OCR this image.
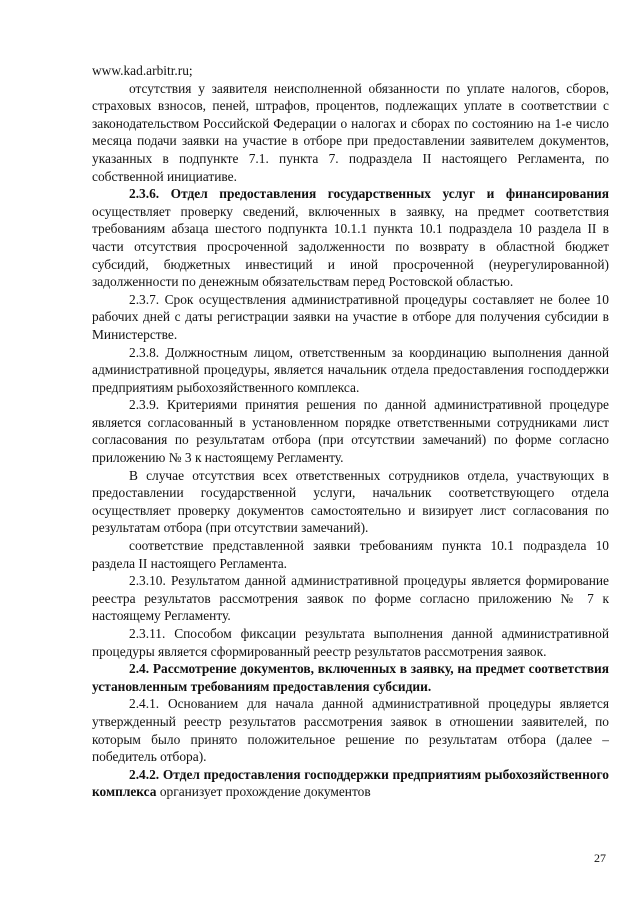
www.kad.arbitr.ru;

отсутствия у заявителя неисполненной обязанности по уплате налогов, сборов, страховых взносов, пеней, штрафов, процентов, подлежащих уплате в соответствии с законодательством Российской Федерации о налогах и сборах по состоянию на 1-е число месяца подачи заявки на участие в отборе при предоставлении заявителем документов, указанных в подпункте 7.1. пункта 7. подраздела II настоящего Регламента, по собственной инициативе.

2.3.6. Отдел предоставления государственных услуг и финансирования осуществляет проверку сведений, включенных в заявку, на предмет соответствия требованиям абзаца шестого подпункта 10.1.1 пункта 10.1 подраздела 10 раздела II в части отсутствия просроченной задолженности по возврату в областной бюджет субсидий, бюджетных инвестиций и иной просроченной (неурегулированной) задолженности по денежным обязательствам перед Ростовской областью.

2.3.7. Срок осуществления административной процедуры составляет не более 10 рабочих дней с даты регистрации заявки на участие в отборе для получения субсидии в Министерстве.

2.3.8. Должностным лицом, ответственным за координацию выполнения данной административной процедуры, является начальник отдела предоставления господдержки предприятиям рыбохозяйственного комплекса.

2.3.9. Критериями принятия решения по данной административной процедуре является согласованный в установленном порядке ответственными сотрудниками лист согласования по результатам отбора (при отсутствии замечаний) по форме согласно приложению № 3 к настоящему Регламенту.

В случае отсутствия всех ответственных сотрудников отдела, участвующих в предоставлении государственной услуги, начальник соответствующего отдела осуществляет проверку документов самостоятельно и визирует лист согласования по результатам отбора (при отсутствии замечаний).

соответствие представленной заявки требованиям пункта 10.1 подраздела 10 раздела II настоящего Регламента.

2.3.10. Результатом данной административной процедуры является формирование реестра результатов рассмотрения заявок по форме согласно приложению № 7 к настоящему Регламенту.

2.3.11. Способом фиксации результата выполнения данной административной процедуры является сформированный реестр результатов рассмотрения заявок.

2.4. Рассмотрение документов, включенных в заявку, на предмет соответствия установленным требованиям предоставления субсидии.

2.4.1. Основанием для начала данной административной процедуры является утвержденный реестр результатов рассмотрения заявок в отношении заявителей, по которым было принято положительное решение по результатам отбора (далее – победитель отбора).

2.4.2. Отдел предоставления господдержки предприятиям рыбохозяйственного комплекса организует прохождение документов

27
